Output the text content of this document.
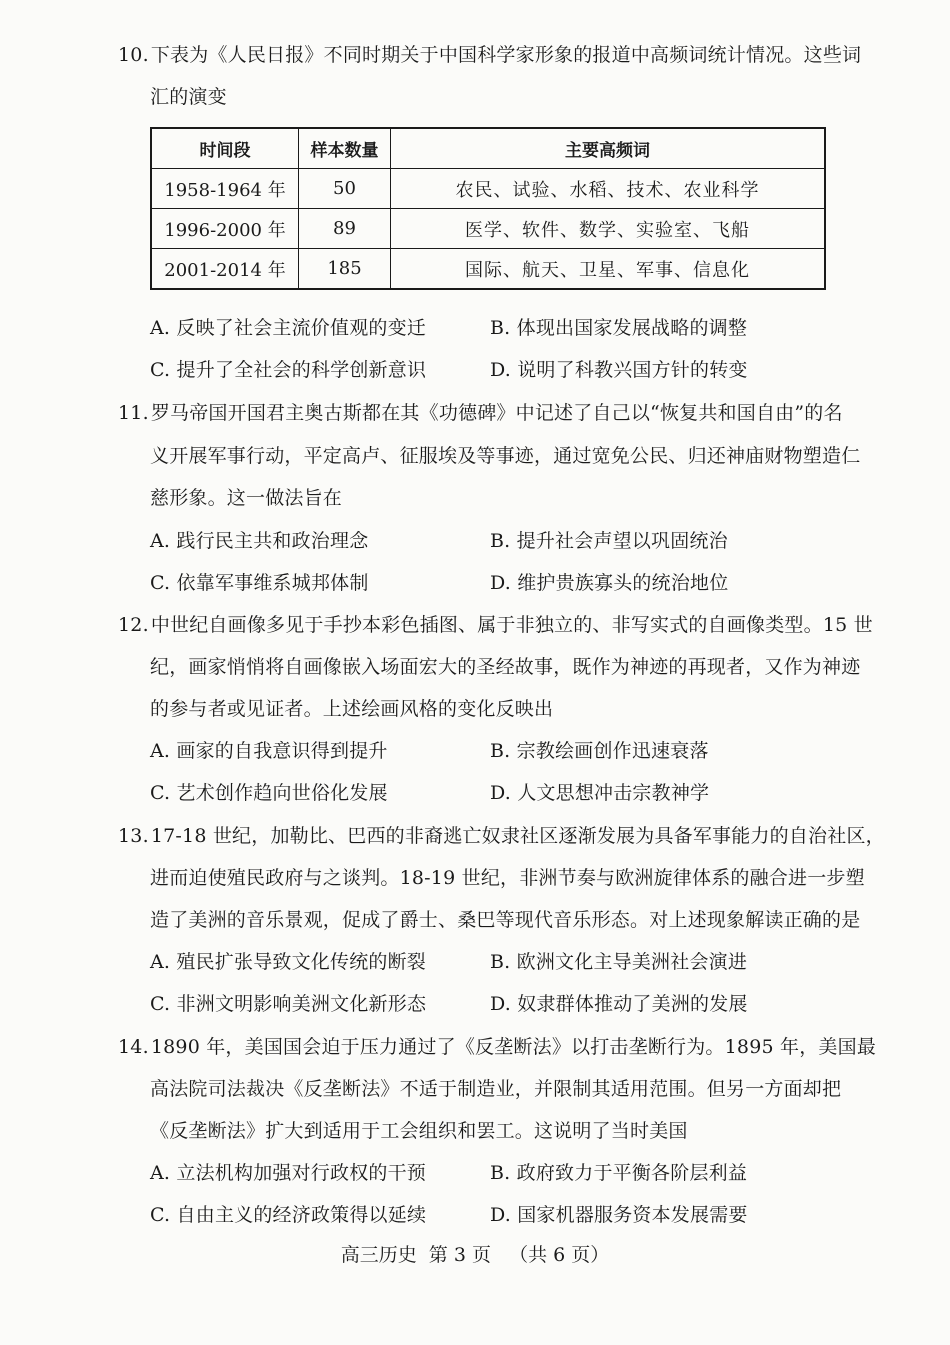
10. 下表为《人民日报》不同时期关于中国科学家形象的报道中高频词统计情况。这些词
汇的演变
时间段	样本数量	主要高频词
1958-1964 年	50	农民、试验、水稻、技术、农业科学
1996-2000 年	89	医学、软件、数学、实验室、飞船
2001-2014 年	185	国际、航天、卫星、军事、信息化
A. 反映了社会主流价值观的变迁	B. 体现出国家发展战略的调整
C. 提升了全社会的科学创新意识	D. 说明了科教兴国方针的转变
11. 罗马帝国开国君主奥古斯都在其《功德碑》中记述了自己以“恢复共和国自由”的名
义开展军事行动，平定高卢、征服埃及等事迹，通过宽免公民、归还神庙财物塑造仁
慈形象。这一做法旨在
A. 践行民主共和政治理念	B. 提升社会声望以巩固统治
C. 依靠军事维系城邦体制	D. 维护贵族寡头的统治地位
12. 中世纪自画像多见于手抄本彩色插图、属于非独立的、非写实式的自画像类型。15 世
纪，画家悄悄将自画像嵌入场面宏大的圣经故事，既作为神迹的再现者，又作为神迹
的参与者或见证者。上述绘画风格的变化反映出
A. 画家的自我意识得到提升	B. 宗教绘画创作迅速衰落
C. 艺术创作趋向世俗化发展	D. 人文思想冲击宗教神学
13. 17-18 世纪，加勒比、巴西的非裔逃亡奴隶社区逐渐发展为具备军事能力的自治社区，
进而迫使殖民政府与之谈判。18-19 世纪，非洲节奏与欧洲旋律体系的融合进一步塑
造了美洲的音乐景观，促成了爵士、桑巴等现代音乐形态。对上述现象解读正确的是
A. 殖民扩张导致文化传统的断裂	B. 欧洲文化主导美洲社会演进
C. 非洲文明影响美洲文化新形态	D. 奴隶群体推动了美洲的发展
14. 1890 年，美国国会迫于压力通过了《反垄断法》以打击垄断行为。1895 年，美国最
高法院司法裁决《反垄断法》不适于制造业，并限制其适用范围。但另一方面却把
《反垄断法》扩大到适用于工会组织和罢工。这说明了当时美国
A. 立法机构加强对行政权的干预	B. 政府致力于平衡各阶层利益
C. 自由主义的经济政策得以延续	D. 国家机器服务资本发展需要
高三历史  第 3 页   （共 6 页）
